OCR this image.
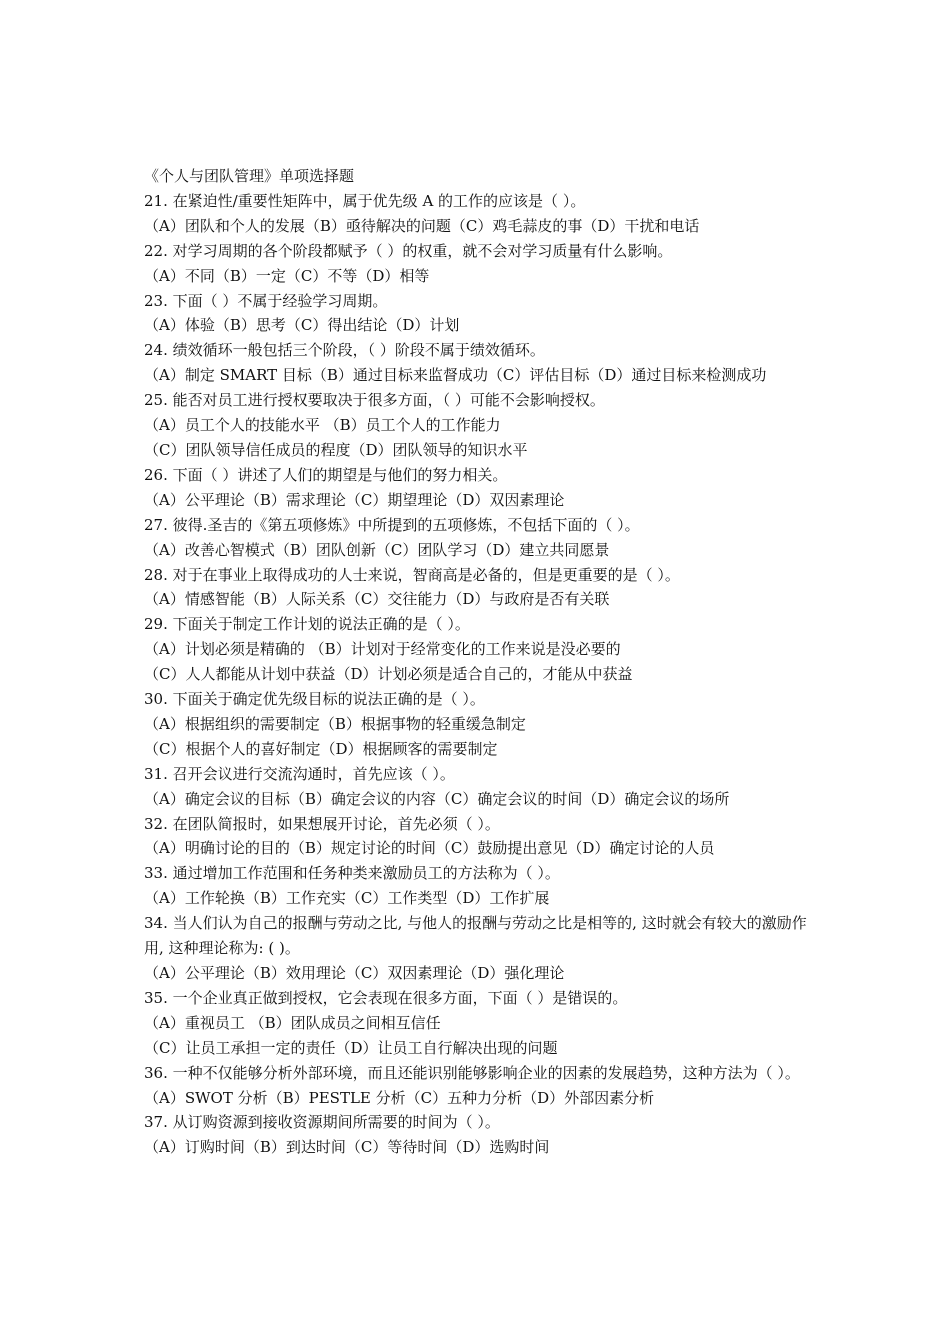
《个人与团队管理》单项选择题

21. 在紧迫性/重要性矩阵中，属于优先级 A 的工作的应该是（ ）。

（A）团队和个人的发展（B）亟待解决的问题（C）鸡毛蒜皮的事（D）干扰和电话

22. 对学习周期的各个阶段都赋予（ ）的权重，就不会对学习质量有什么影响。

（A）不同（B）一定（C）不等（D）相等

23. 下面（ ）不属于经验学习周期。

（A）体验（B）思考（C）得出结论（D）计划

24. 绩效循环一般包括三个阶段，（ ）阶段不属于绩效循环。

（A）制定 SMART 目标（B）通过目标来监督成功（C）评估目标（D）通过目标来检测成功

25. 能否对员工进行授权要取决于很多方面，（ ）可能不会影响授权。

（A）员工个人的技能水平 （B）员工个人的工作能力

（C）团队领导信任成员的程度（D）团队领导的知识水平

26. 下面（ ）讲述了人们的期望是与他们的努力相关。

（A）公平理论（B）需求理论（C）期望理论（D）双因素理论

27. 彼得.圣吉的《第五项修炼》中所提到的五项修炼，不包括下面的（ ）。

（A）改善心智模式（B）团队创新（C）团队学习（D）建立共同愿景

28. 对于在事业上取得成功的人士来说，智商高是必备的，但是更重要的是（ ）。

（A）情感智能（B）人际关系（C）交往能力（D）与政府是否有关联

29. 下面关于制定工作计划的说法正确的是（ ）。

（A）计划必须是精确的 （B）计划对于经常变化的工作来说是没必要的

（C）人人都能从计划中获益（D）计划必须是适合自己的，才能从中获益

30. 下面关于确定优先级目标的说法正确的是（ ）。

（A）根据组织的需要制定（B）根据事物的轻重缓急制定

（C）根据个人的喜好制定（D）根据顾客的需要制定

31. 召开会议进行交流沟通时，首先应该（ ）。

（A）确定会议的目标（B）确定会议的内容（C）确定会议的时间（D）确定会议的场所

32. 在团队简报时，如果想展开讨论，首先必须（ ）。

（A）明确讨论的目的（B）规定讨论的时间（C）鼓励提出意见（D）确定讨论的人员

33. 通过增加工作范围和任务种类来激励员工的方法称为（ ）。

（A）工作轮换（B）工作充实（C）工作类型（D）工作扩展

34. 当人们认为自己的报酬与劳动之比, 与他人的报酬与劳动之比是相等的, 这时就会有较大的激励作用, 这种理论称为: ( )。

（A）公平理论（B）效用理论（C）双因素理论（D）强化理论

35. 一个企业真正做到授权，它会表现在很多方面，下面（ ）是错误的。

（A）重视员工 （B）团队成员之间相互信任

（C）让员工承担一定的责任（D）让员工自行解决出现的问题

36. 一种不仅能够分析外部环境，而且还能识别能够影响企业的因素的发展趋势，这种方法为（ ）。

（A）SWOT 分析（B）PESTLE 分析（C）五种力分析（D）外部因素分析

37. 从订购资源到接收资源期间所需要的时间为（ ）。

（A）订购时间（B）到达时间（C）等待时间（D）选购时间
